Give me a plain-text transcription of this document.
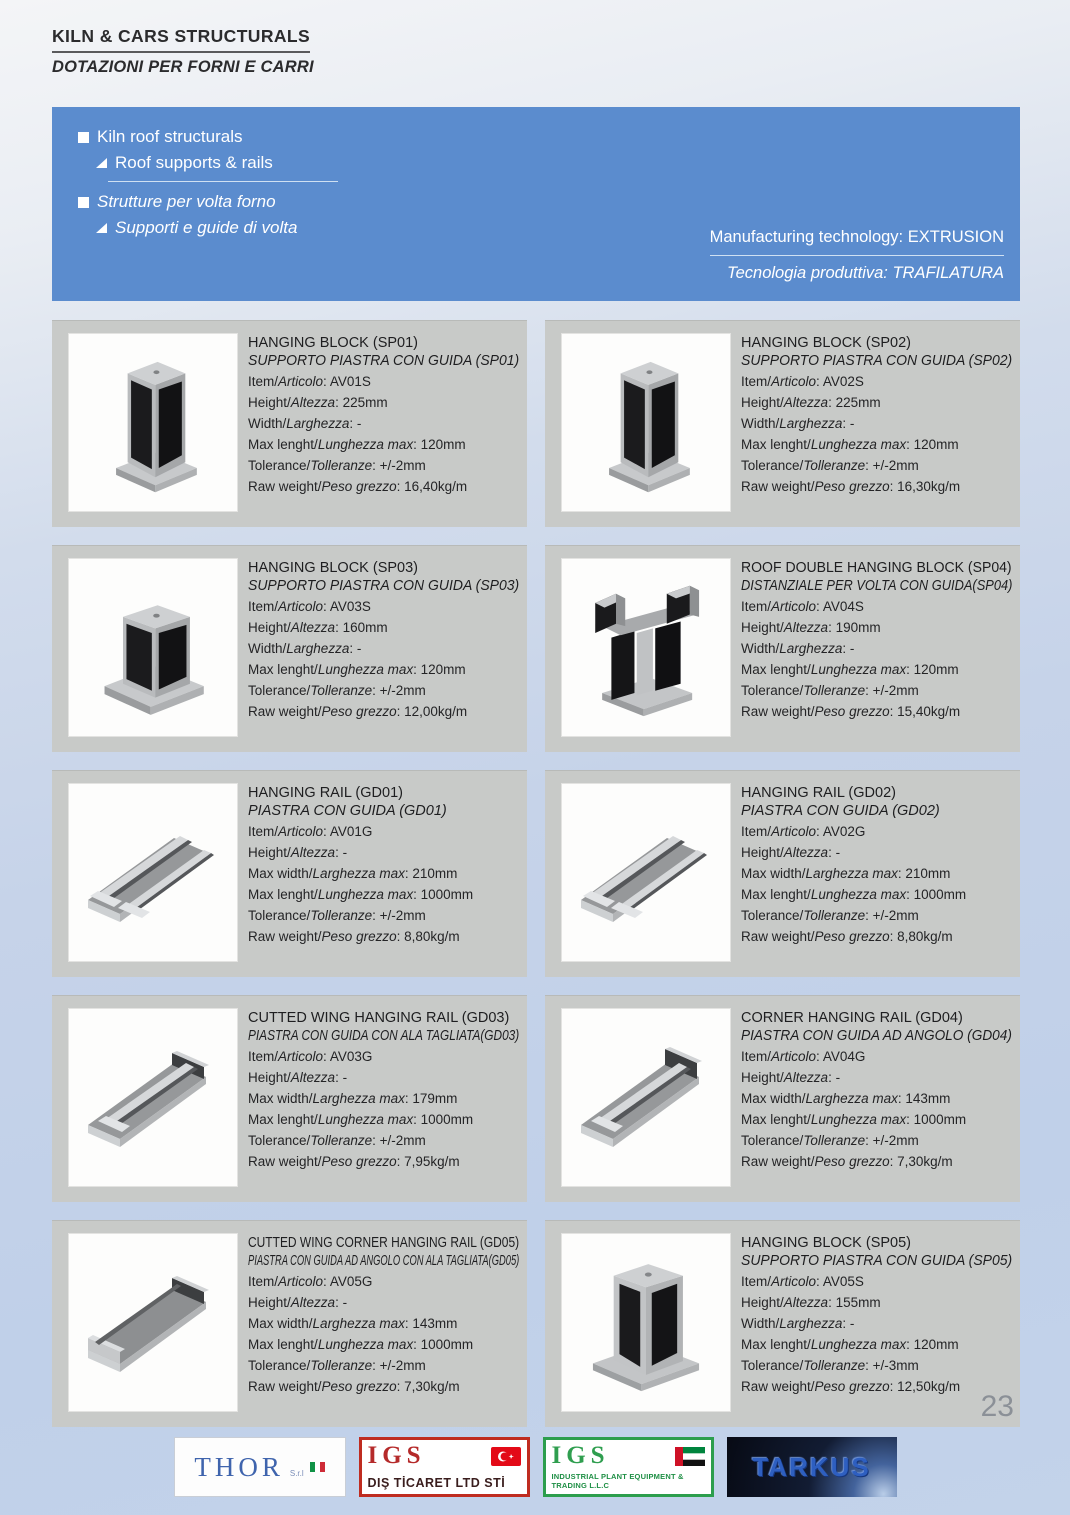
KILN & CARS STRUCTURALS
DOTAZIONI PER FORNI E CARRI
Kiln roof structurals
Roof supports & rails
Strutture per volta forno
Supporti e guide di volta	Manufacturing technology: EXTRUSION
Tecnologia produttiva: TRAFILATURA
HANGING BLOCK (SP01)
SUPPORTO PIASTRA CON GUIDA (SP01)
Item/Articolo: AV01S
Height/Altezza: 225mm
Width/Larghezza: -
Max lenght/Lunghezza max: 120mm
Tolerance/Tolleranze: +/-2mm
Raw weight/Peso grezzo: 16,40kg/m
HANGING BLOCK (SP02)
SUPPORTO PIASTRA CON GUIDA (SP02)
Item/Articolo: AV02S
Height/Altezza: 225mm
Width/Larghezza: -
Max lenght/Lunghezza max: 120mm
Tolerance/Tolleranze: +/-2mm
Raw weight/Peso grezzo: 16,30kg/m
HANGING BLOCK (SP03)
SUPPORTO PIASTRA CON GUIDA (SP03)
Item/Articolo: AV03S
Height/Altezza: 160mm
Width/Larghezza: -
Max lenght/Lunghezza max: 120mm
Tolerance/Tolleranze: +/-2mm
Raw weight/Peso grezzo: 12,00kg/m
ROOF DOUBLE HANGING BLOCK (SP04)
DISTANZIALE PER VOLTA CON GUIDA(SP04)
Item/Articolo: AV04S
Height/Altezza: 190mm
Width/Larghezza: -
Max lenght/Lunghezza max: 120mm
Tolerance/Tolleranze: +/-2mm
Raw weight/Peso grezzo: 15,40kg/m
HANGING RAIL (GD01)
PIASTRA CON GUIDA (GD01)
Item/Articolo: AV01G
Height/Altezza: -
Max width/Larghezza max: 210mm
Max lenght/Lunghezza max: 1000mm
Tolerance/Tolleranze: +/-2mm
Raw weight/Peso grezzo: 8,80kg/m
HANGING RAIL (GD02)
PIASTRA CON GUIDA (GD02)
Item/Articolo: AV02G
Height/Altezza: -
Max width/Larghezza max: 210mm
Max lenght/Lunghezza max: 1000mm
Tolerance/Tolleranze: +/-2mm
Raw weight/Peso grezzo: 8,80kg/m
CUTTED WING HANGING RAIL (GD03)
PIASTRA CON GUIDA CON ALA TAGLIATA(GD03)
Item/Articolo: AV03G
Height/Altezza: -
Max width/Larghezza max: 179mm
Max lenght/Lunghezza max: 1000mm
Tolerance/Tolleranze: +/-2mm
Raw weight/Peso grezzo: 7,95kg/m
CORNER HANGING RAIL (GD04)
PIASTRA CON GUIDA AD ANGOLO (GD04)
Item/Articolo: AV04G
Height/Altezza: -
Max width/Larghezza max: 143mm
Max lenght/Lunghezza max: 1000mm
Tolerance/Tolleranze: +/-2mm
Raw weight/Peso grezzo: 7,30kg/m
CUTTED WING CORNER HANGING RAIL (GD05)
PIASTRA CON GUIDA AD ANGOLO CON ALA TAGLIATA(GD05)
Item/Articolo: AV05G
Height/Altezza: -
Max width/Larghezza max: 143mm
Max lenght/Lunghezza max: 1000mm
Tolerance/Tolleranze: +/-2mm
Raw weight/Peso grezzo: 7,30kg/m
HANGING BLOCK (SP05)
SUPPORTO PIASTRA CON GUIDA (SP05)
Item/Articolo: AV05S
Height/Altezza: 155mm
Width/Larghezza: -
Max lenght/Lunghezza max: 120mm
Tolerance/Tolleranze: +/-3mm
Raw weight/Peso grezzo: 12,50kg/m
23
THOR S.r.l
IGS
DIŞ TİCARET LTD STİ
IGS
INDUSTRIAL PLANT EQUIPMENT & TRADING L.L.C
TARKUS
